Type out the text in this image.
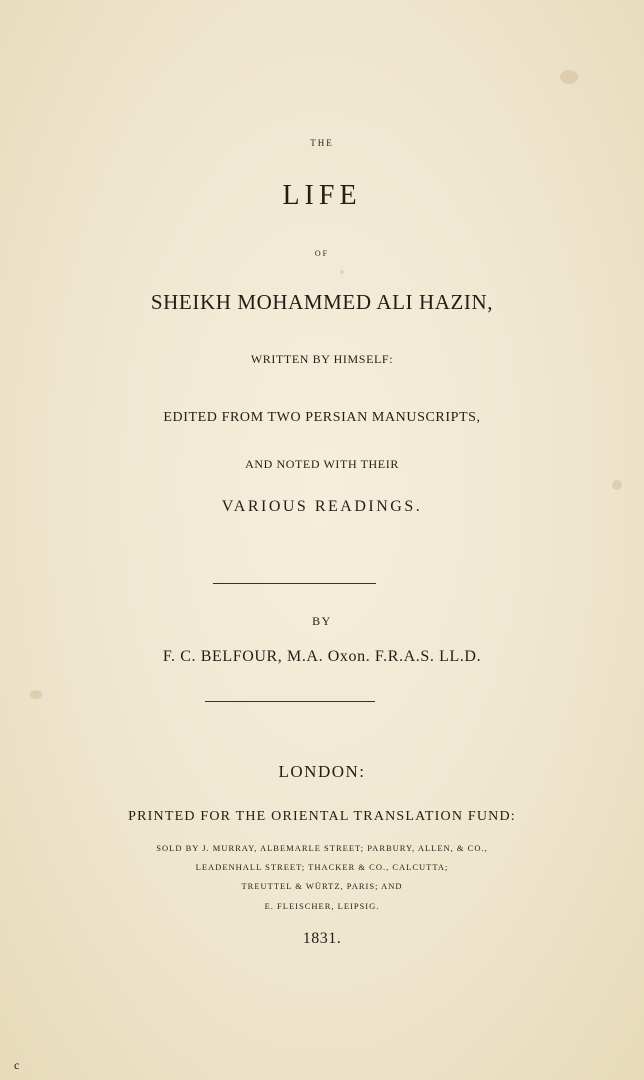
THE
LIFE
OF
SHEIKH MOHAMMED ALI HAZIN,
WRITTEN BY HIMSELF:
EDITED FROM TWO PERSIAN MANUSCRIPTS,
AND NOTED WITH THEIR
VARIOUS READINGS.
BY
F. C. BELFOUR, M.A. Oxon. F.R.A.S. LL.D.
LONDON:
PRINTED FOR THE ORIENTAL TRANSLATION FUND:
SOLD BY J. MURRAY, ALBEMARLE STREET; PARBURY, ALLEN, & CO.,
LEADENHALL STREET; THACKER & CO., CALCUTTA;
TREUTTEL & WÜRTZ, PARIS; AND
E. FLEISCHER, LEIPSIG.
1831.
c
